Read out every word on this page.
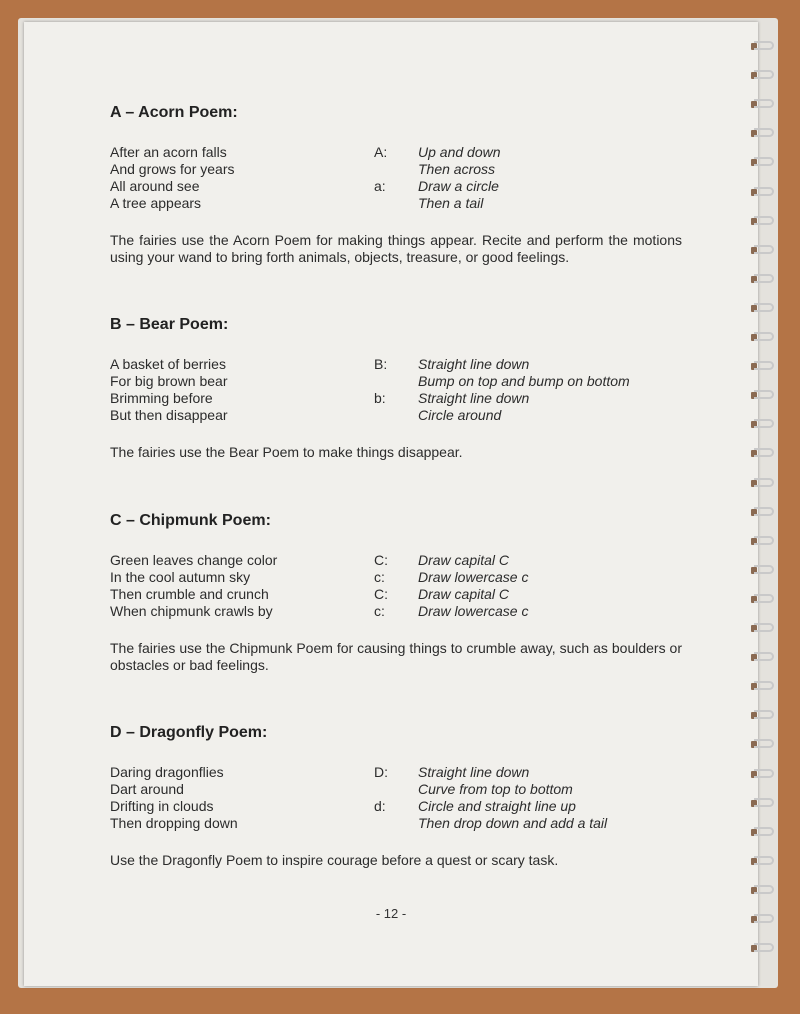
A – Acorn Poem:
After an acorn falls	A: Up and down
And grows for years	Then across
All around see	a: Draw a circle
A tree appears	Then a tail

The fairies use the Acorn Poem for making things appear. Recite and perform the motions using your wand to bring forth animals, objects, treasure, or good feelings.

B – Bear Poem:
A basket of berries	B: Straight line down
For big brown bear	Bump on top and bump on bottom
Brimming before	b: Straight line down
But then disappear	Circle around

The fairies use the Bear Poem to make things disappear.

C – Chipmunk Poem:
Green leaves change color	C: Draw capital C
In the cool autumn sky	c: Draw lowercase c
Then crumble and crunch	C: Draw capital C
When chipmunk crawls by	c: Draw lowercase c

The fairies use the Chipmunk Poem for causing things to crumble away, such as boulders or obstacles or bad feelings.

D – Dragonfly Poem:
Daring dragonflies	D: Straight line down
Dart around	Curve from top to bottom
Drifting in clouds	d: Circle and straight line up
Then dropping down	Then drop down and add a tail

Use the Dragonfly Poem to inspire courage before a quest or scary task.

- 12 -
